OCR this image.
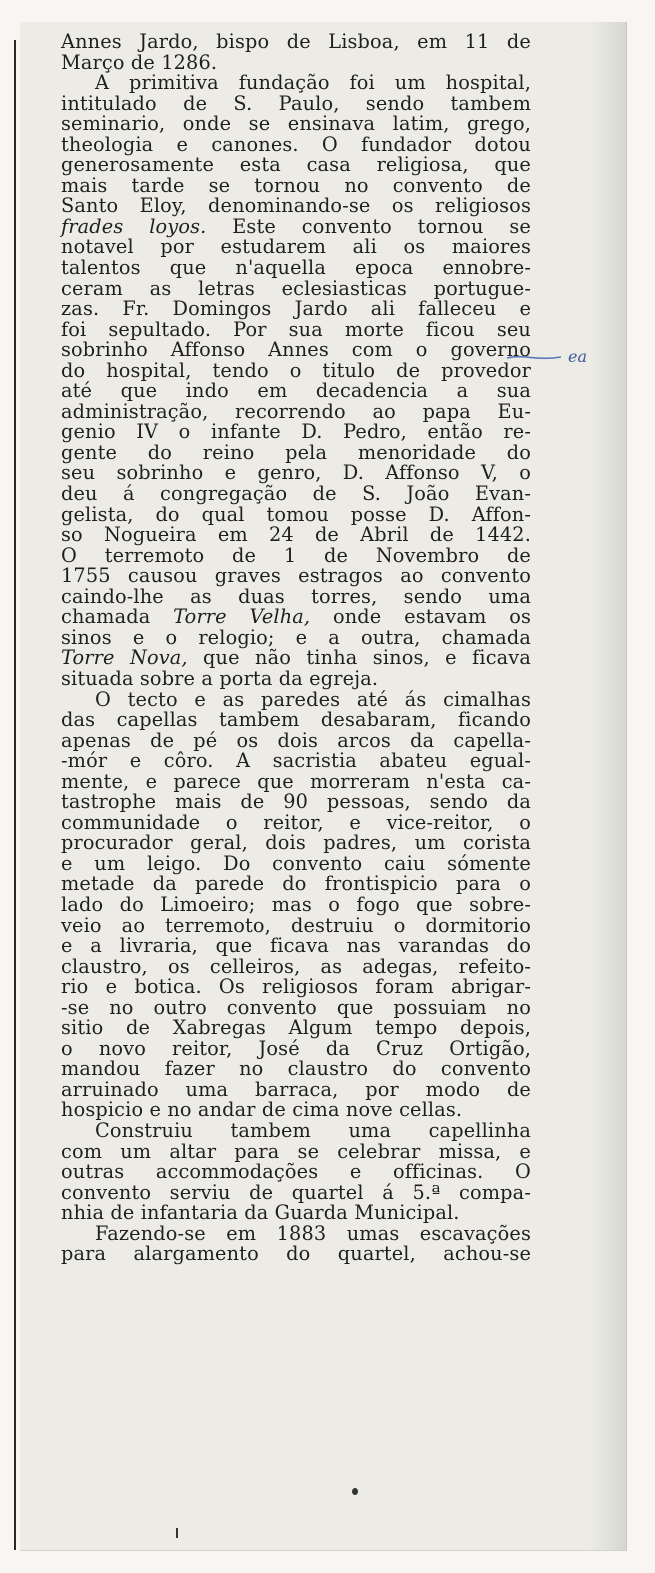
Annes Jardo, bispo de Lisboa, em 11 de
Março de 1286.
A primitiva fundação foi um hospital,
intitulado de S. Paulo, sendo tambem
seminario, onde se ensinava latim, grego,
theologia e canones. O fundador dotou
generosamente esta casa religiosa, que
mais tarde se tornou no convento de
Santo Eloy, denominando-se os religiosos
frades loyos. Este convento tornou se
notavel por estudarem ali os maiores
talentos que n'aquella epoca ennobre-
ceram as letras eclesiasticas portugue-
zas. Fr. Domingos Jardo ali falleceu e
foi sepultado. Por sua morte ficou seu
sobrinho Affonso Annes com o governo
do hospital, tendo o titulo de provedor
até que indo em decadencia a sua
administração, recorrendo ao papa Eu-
genio IV o infante D. Pedro, então re-
gente do reino pela menoridade do
seu sobrinho e genro, D. Affonso V, o
deu á congregação de S. João Evan-
gelista, do qual tomou posse D. Affon-
so Nogueira em 24 de Abril de 1442.
O terremoto de 1 de Novembro de
1755 causou graves estragos ao convento
caindo-lhe as duas torres, sendo uma
chamada Torre Velha, onde estavam os
sinos e o relogio; e a outra, chamada
Torre Nova, que não tinha sinos, e ficava
situada sobre a porta da egreja.
O tecto e as paredes até ás cimalhas
das capellas tambem desabaram, ficando
apenas de pé os dois arcos da capella-
-mór e côro. A sacristia abateu egual-
mente, e parece que morreram n'esta ca-
tastrophe mais de 90 pessoas, sendo da
communidade o reitor, e vice-reitor, o
procurador geral, dois padres, um corista
e um leigo. Do convento caiu sómente
metade da parede do frontispicio para o
lado do Limoeiro; mas o fogo que sobre-
veio ao terremoto, destruiu o dormitorio
e a livraria, que ficava nas varandas do
claustro, os celleiros, as adegas, refeito-
rio e botica. Os religiosos foram abrigar-
-se no outro convento que possuiam no
sitio de Xabregas Algum tempo depois,
o novo reitor, José da Cruz Ortigão,
mandou fazer no claustro do convento
arruinado uma barraca, por modo de
hospicio e no andar de cima nove cellas.
Construiu tambem uma capellinha
com um altar para se celebrar missa, e
outras accommodações e officinas. O
convento serviu de quartel á 5.ª compa-
nhia de infantaria da Guarda Municipal.
Fazendo-se em 1883 umas escavações
para alargamento do quartel, achou-se
ea
